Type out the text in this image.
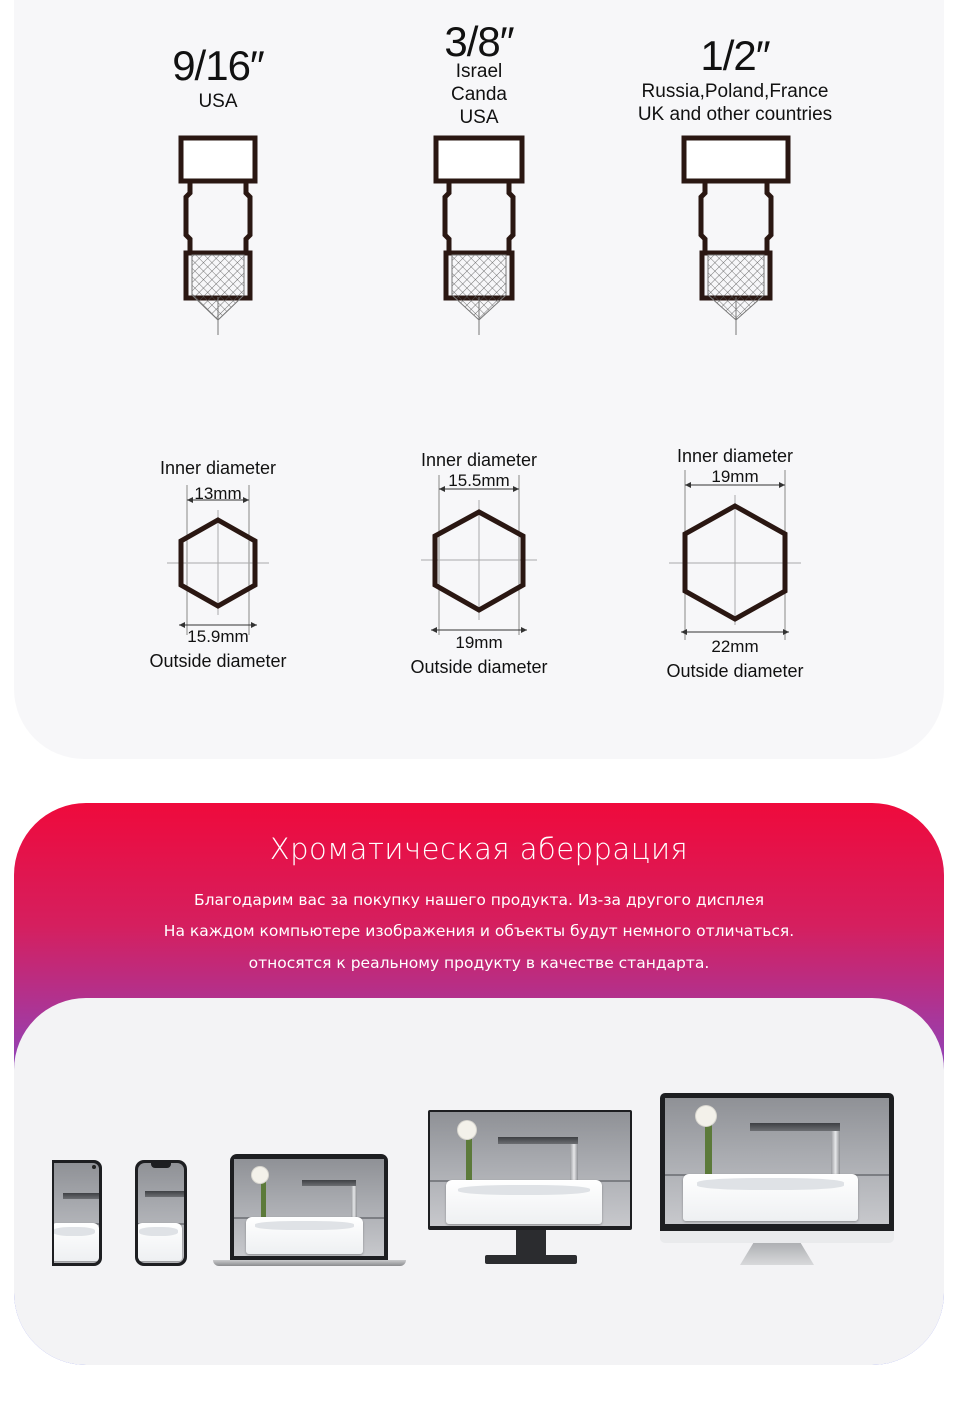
9/16″
USA
3/8″
Israel
Canda
USA
1/2″
Russia,Poland,France
UK and other countries
Inner diameter
13mm
15.9mm
Outside diameter
Inner diameter
15.5mm
19mm
Outside diameter
Inner diameter
19mm
22mm
Outside diameter
Хроматическая аберрация
Благодарим вас за покупку нашего продукта. Из-за другого дисплея
На каждом компьютере изображения и объекты будут немного отличаться.
относятся к реальному продукту в качестве стандарта.
